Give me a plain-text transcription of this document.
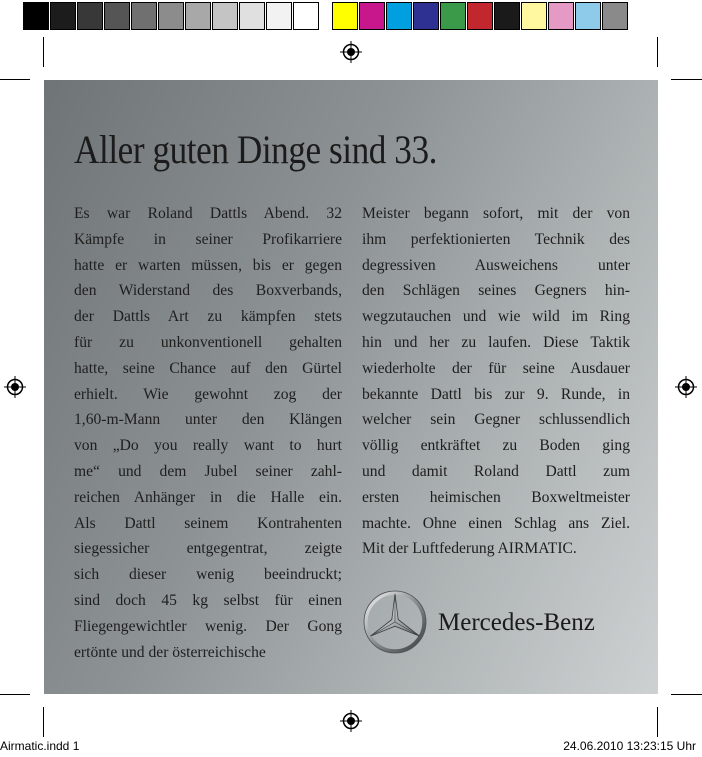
Aller guten Dinge sind 33.
Es war Roland Dattls Abend. 32
Kämpfe in seiner Profikarriere
hatte er warten müssen, bis er gegen
den Widerstand des Boxverbands,
der Dattls Art zu kämpfen stets
für zu unkonventionell gehalten
hatte, seine Chance auf den Gürtel
erhielt. Wie gewohnt zog der
1,60-m-Mann unter den Klängen
von „Do you really want to hurt
me“ und dem Jubel seiner zahl-
reichen Anhänger in die Halle ein.
Als Dattl seinem Kontrahenten
siegessicher entgegentrat, zeigte
sich dieser wenig beeindruckt;
sind doch 45 kg selbst für einen
Fliegengewichtler wenig. Der Gong
ertönte und der österreichische
Meister begann sofort, mit der von
ihm perfektionierten Technik des
degressiven Ausweichens unter
den Schlägen seines Gegners hin-
wegzutauchen und wie wild im Ring
hin und her zu laufen. Diese Taktik
wiederholte der für seine Ausdauer
bekannte Dattl bis zur 9. Runde, in
welcher sein Gegner schlussendlich
völlig entkräftet zu Boden ging
und damit Roland Dattl zum
ersten heimischen Boxweltmeister
machte. Ohne einen Schlag ans Ziel.
Mit der Luftfederung AIRMATIC.
Mercedes-Benz
Airmatic.indd 1	24.06.2010 13:23:15 Uhr
